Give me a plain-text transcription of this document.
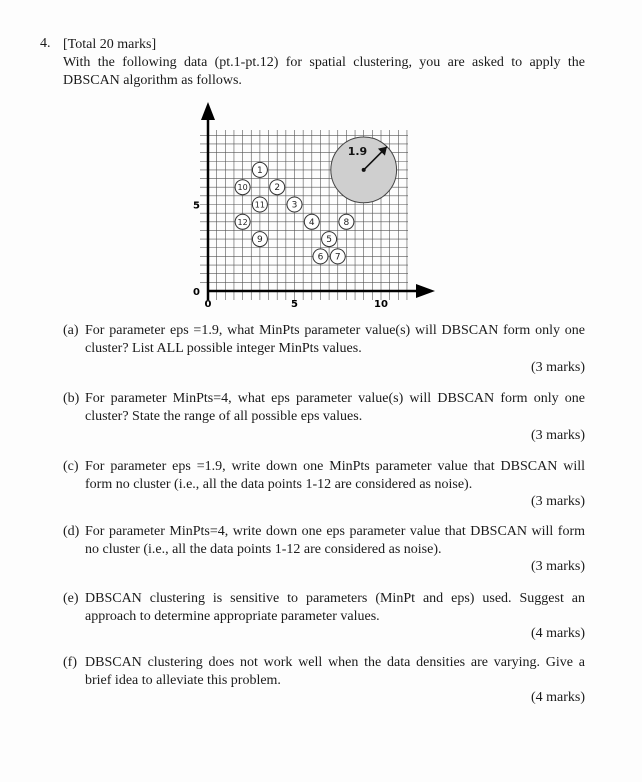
4. [Total 20 marks]
With the following data (pt.1-pt.12) for spatial clustering, you are asked to apply the DBSCAN algorithm as follows.
1.9
5
0
0	5	10
1
2
3
4
5
6 7
8
9
10
11
12
(a) For parameter eps =1.9, what MinPts parameter value(s) will DBSCAN form only one cluster? List ALL possible integer MinPts values.
(3 marks)
(b) For parameter MinPts=4, what eps parameter value(s) will DBSCAN form only one cluster? State the range of all possible eps values.
(3 marks)
(c) For parameter eps =1.9, write down one MinPts parameter value that DBSCAN will form no cluster (i.e., all the data points 1-12 are considered as noise).
(3 marks)
(d) For parameter MinPts=4, write down one eps parameter value that DBSCAN will form no cluster (i.e., all the data points 1-12 are considered as noise).
(3 marks)
(e) DBSCAN clustering is sensitive to parameters (MinPt and eps) used. Suggest an approach to determine appropriate parameter values.
(4 marks)
(f) DBSCAN clustering does not work well when the data densities are varying. Give a brief idea to alleviate this problem.
(4 marks)
